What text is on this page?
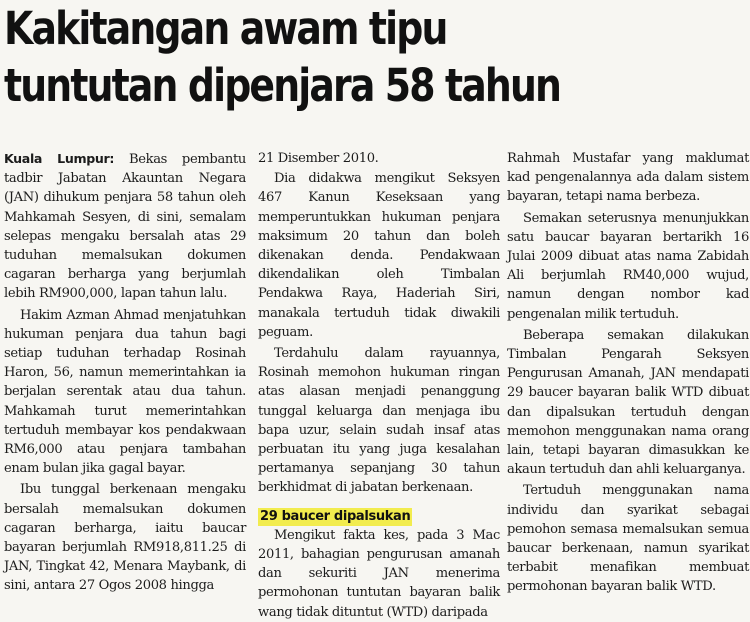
Kakitangan awam tipu
tuntutan dipenjara 58 tahun

Kuala Lumpur: Bekas pembantu tadbir Jabatan Akauntan Negara (JAN) dihukum penjara 58 tahun oleh Mahkamah Sesyen, di sini, semalam selepas mengaku bersalah atas 29 tuduhan memalsukan dokumen cagaran berharga yang berjumlah lebih RM900,000, lapan tahun lalu.

Hakim Azman Ahmad menjatuhkan hukuman penjara dua tahun bagi setiap tuduhan terhadap Rosinah Haron, 56, namun memerintahkan ia berjalan serentak atau dua tahun. Mahkamah turut memerintahkan tertuduh membayar kos pendakwaan RM6,000 atau penjara tambahan enam bulan jika gagal bayar.

Ibu tunggal berkenaan mengaku bersalah memalsukan dokumen cagaran berharga, iaitu baucar bayaran berjumlah RM918,811.25 di JAN, Tingkat 42, Menara Maybank, di sini, antara 27 Ogos 2008 hingga

21 Disember 2010.

Dia didakwa mengikut Seksyen 467 Kanun Keseksaan yang memperuntukkan hukuman penjara maksimum 20 tahun dan boleh dikenakan denda. Pendakwaan dikendalikan oleh Timbalan Pendakwa Raya, Haderiah Siri, manakala tertuduh tidak diwakili peguam.

Terdahulu dalam rayuannya, Rosinah memohon hukuman ringan atas alasan menjadi penanggung tunggal keluarga dan menjaga ibu bapa uzur, selain sudah insaf atas perbuatan itu yang juga kesalahan pertamanya sepanjang 30 tahun berkhidmat di jabatan berkenaan.

29 baucer dipalsukan

Mengikut fakta kes, pada 3 Mac 2011, bahagian pengurusan amanah dan sekuriti JAN menerima permohonan tuntutan bayaran balik wang tidak dituntut (WTD) daripada

Rahmah Mustafar yang maklumat kad pengenalannya ada dalam sistem bayaran, tetapi nama berbeza.

Semakan seterusnya menunjukkan satu baucar bayaran bertarikh 16 Julai 2009 dibuat atas nama Zabidah Ali berjumlah RM40,000 wujud, namun dengan nombor kad pengenalan milik tertuduh.

Beberapa semakan dilakukan Timbalan Pengarah Seksyen Pengurusan Amanah, JAN mendapati 29 baucer bayaran balik WTD dibuat dan dipalsukan tertuduh dengan memohon menggunakan nama orang lain, tetapi bayaran dimasukkan ke akaun tertuduh dan ahli keluarganya.

Tertuduh menggunakan nama individu dan syarikat sebagai pemohon semasa memalsukan semua baucar berkenaan, namun syarikat terbabit menafikan membuat permohonan bayaran balik WTD.
